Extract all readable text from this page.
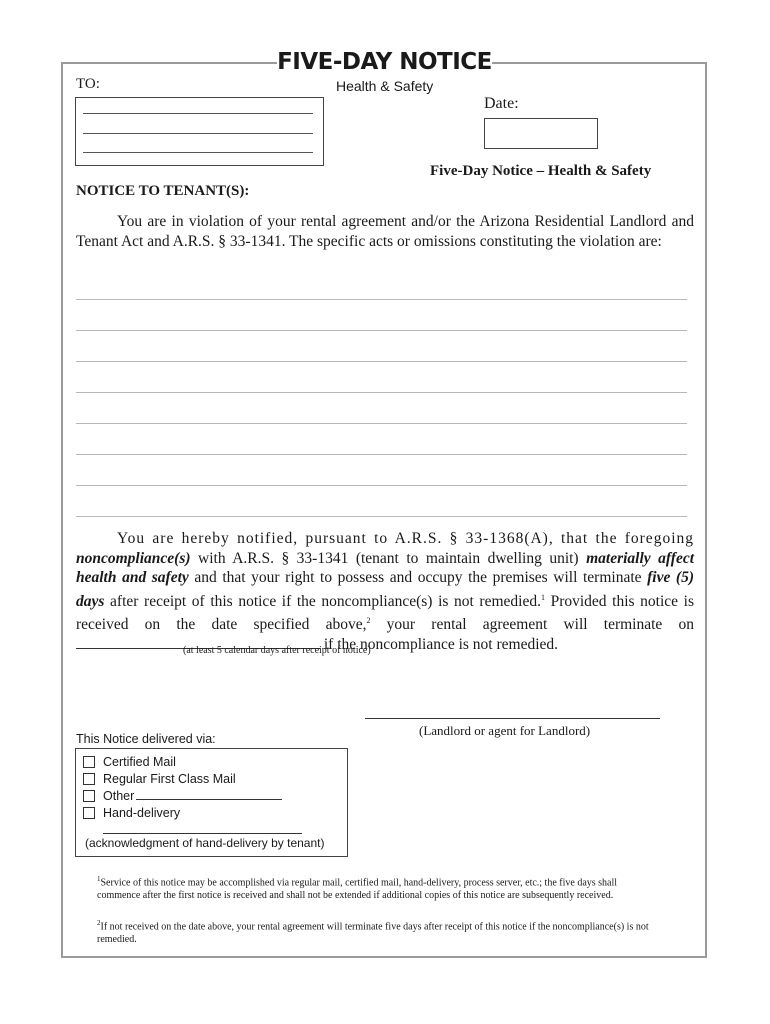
FIVE-DAY NOTICE
TO:	Health & Safety
Date:
Five-Day Notice – Health & Safety
NOTICE TO TENANT(S):

You are in violation of your rental agreement and/or the Arizona Residential Landlord and Tenant Act and A.R.S. § 33-1341. The specific acts or omissions constituting the violation are:

You are hereby notified, pursuant to A.R.S. § 33-1368(A), that the foregoing noncompliance(s) with A.R.S. § 33-1341 (tenant to maintain dwelling unit) materially affect health and safety and that your right to possess and occupy the premises will terminate five (5) days after receipt of this notice if the noncompliance(s) is not remedied.$^1$ Provided this notice is received on the date specified above,$^2$ your rental agreement will terminate on  if the noncompliance is not remedied.

(at least 5 calendar days after receipt of notice)
(Landlord or agent for Landlord)
This Notice delivered via:
Certified Mail
Regular First Class Mail
Other
Hand-delivery
(acknowledgment of hand-delivery by tenant)
$^1$Service of this notice may be accomplished via regular mail, certified mail, hand-delivery, process server, etc.; the five days shall commence after the first notice is received and shall not be extended if additional copies of this notice are subsequently received.
$^2$If not received on the date above, your rental agreement will terminate five days after receipt of this notice if the noncompliance(s) is not remedied.
